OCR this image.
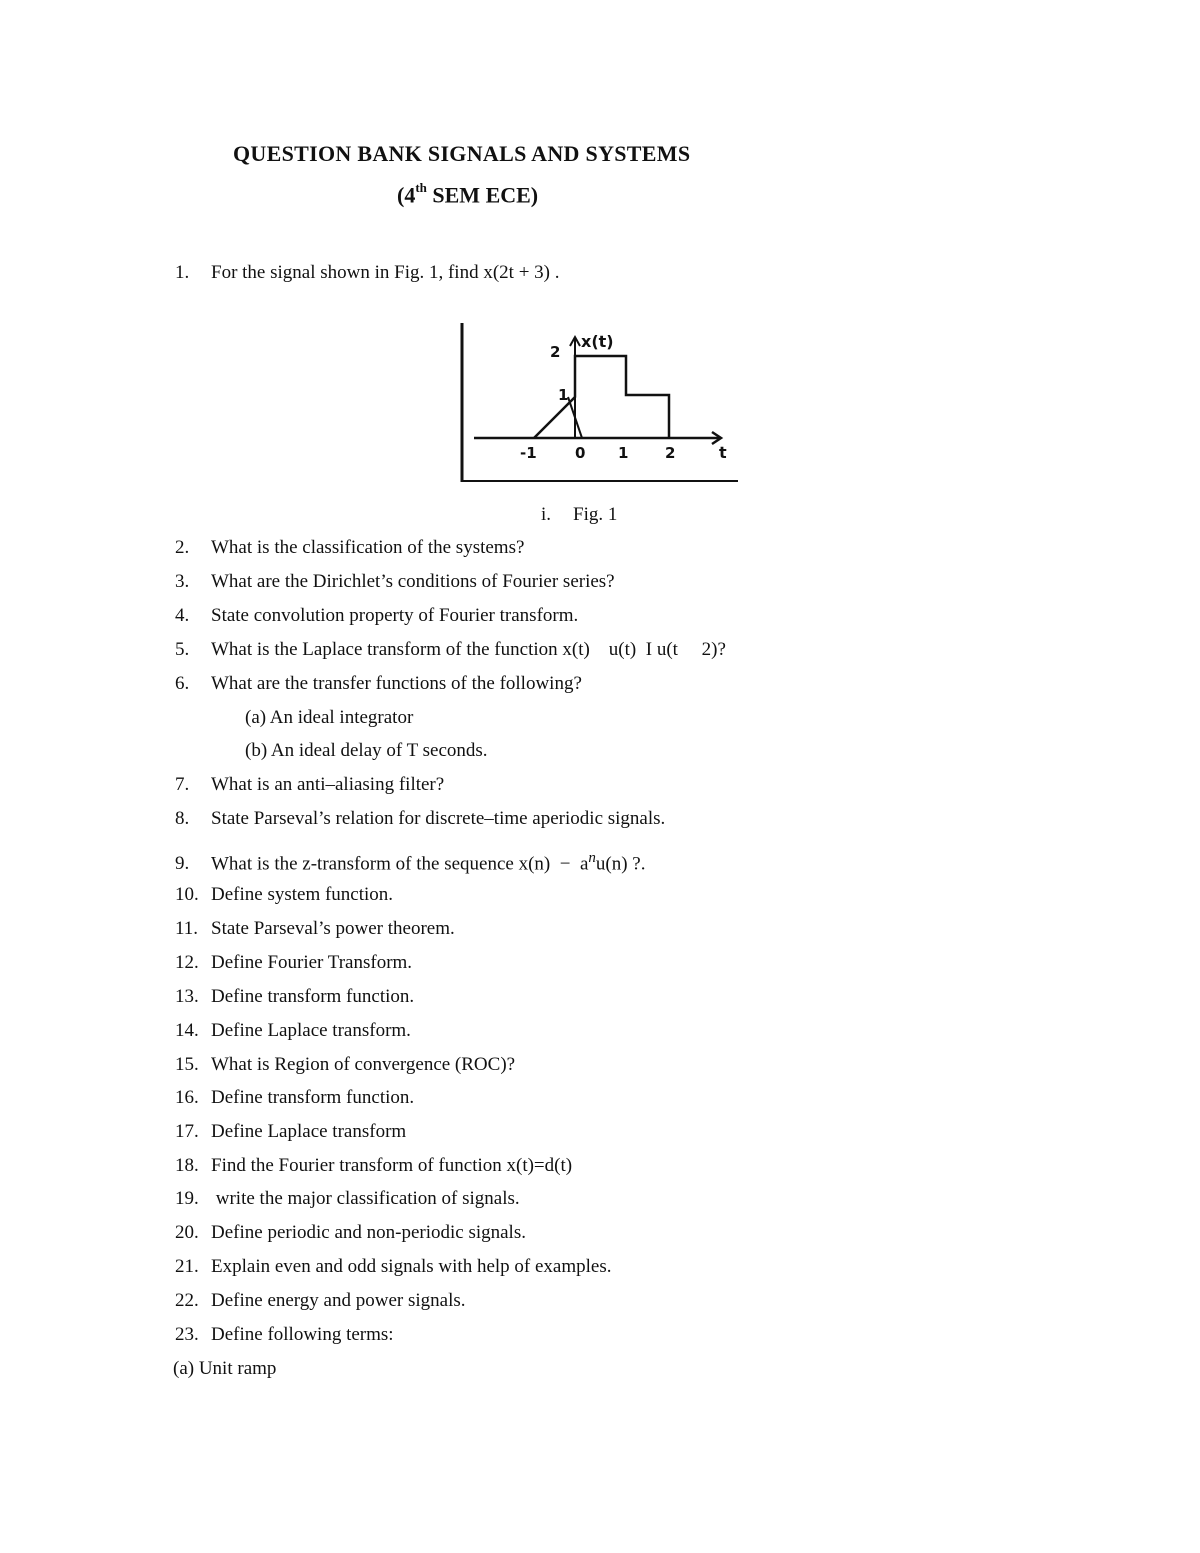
QUESTION BANK SIGNALS AND SYSTEMS
(4th SEM ECE)
1. For the signal shown in Fig. 1, find x(2t + 3) .
x(t)
2
1
-1	0 1 2	t
i. Fig. 1
2. What is the classification of the systems?
3. What are the Dirichlet’s conditions of Fourier series?
4. State convolution property of Fourier transform.
5. What is the Laplace transform of the function x(t)    u(t)  I u(t     2)?
6. What are the transfer functions of the following?
(a) An ideal integrator
(b) An ideal delay of T seconds.
7. What is an anti–aliasing filter?
8. State Parseval’s relation for discrete–time aperiodic signals.
9. What is the z-transform of the sequence $x(n) - a^nu(n)$ ?.
10. Define system function.
11. State Parseval’s power theorem.
12. Define Fourier Transform.
13. Define transform function.
14. Define Laplace transform.
15. What is Region of convergence (ROC)?
16. Define transform function.
17. Define Laplace transform
18. Find the Fourier transform of function x(t)=d(t)
19. write the major classification of signals.
20. Define periodic and non-periodic signals.
21. Explain even and odd signals with help of examples.
22. Define energy and power signals.
23. Define following terms:
(a) Unit ramp
